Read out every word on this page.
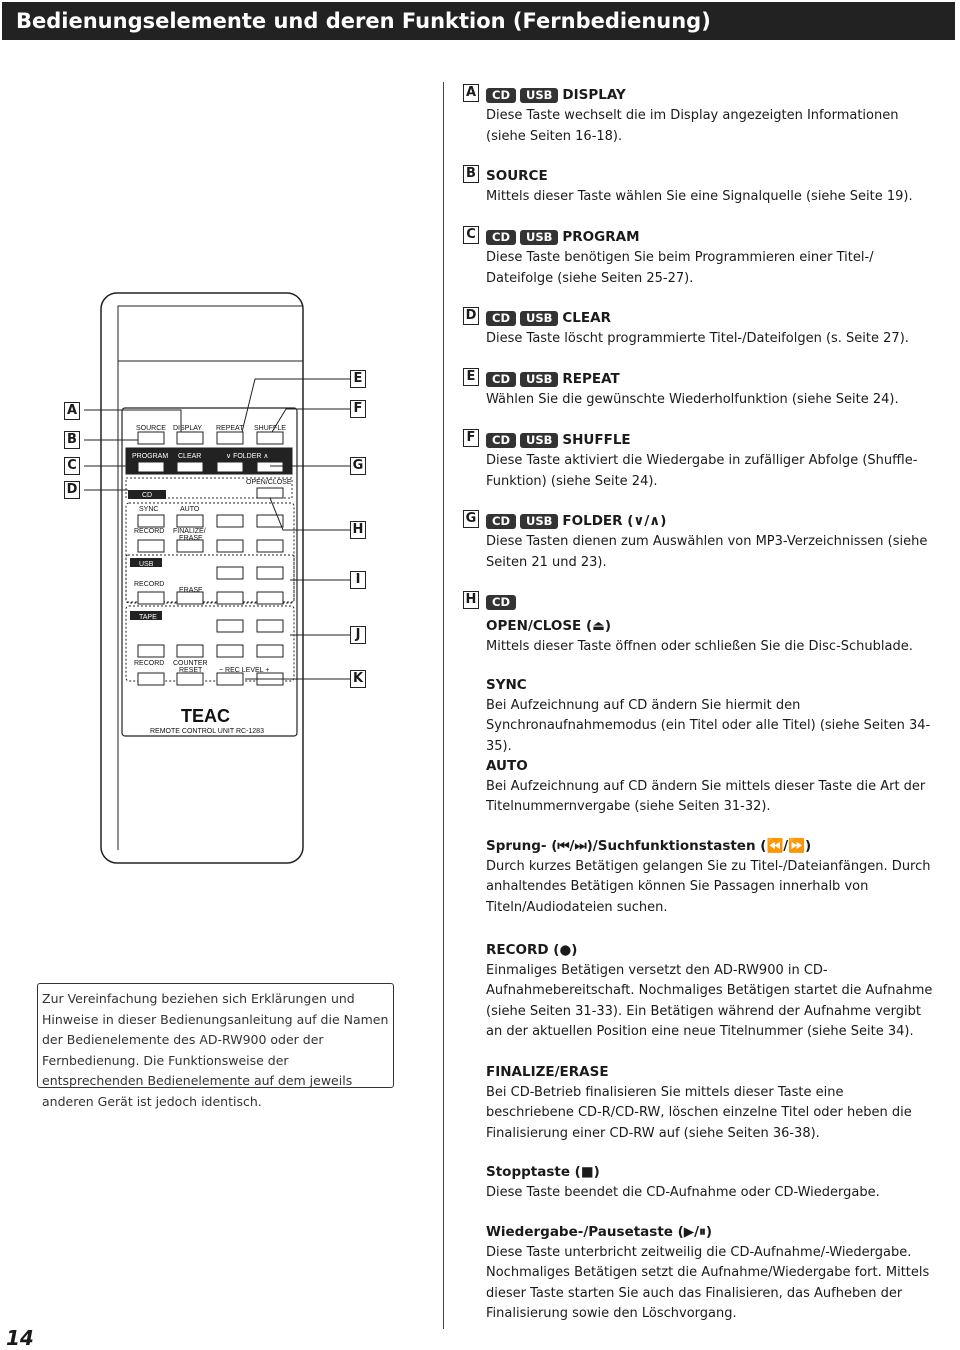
Bedienungselemente und deren Funktion (Fernbedienung)
SOURCE DISPLAY REPEAT SHUFFLE
PROGRAM CLEAR	∨ FOLDER ∧
CD
OPEN/CLOSE
SYNC	AUTO
RECORD FINALIZE/
ERASE
USB
RECORD
ERASE
TAPE
RECORD COUNTER
RESET − REC LEVEL +
TEAC
REMOTE CONTROL UNIT RC-1283
A
B
C
D
E
F
G
H
I
J
K
A	CD	USB DISPLAY
Diese Taste wechselt die im Display angezeigten Informationen (siehe Seiten 16-18).
B SOURCE
Mittels dieser Taste wählen Sie eine Signalquelle (siehe Seite 19).
C	CD	USB PROGRAM
Diese Taste benötigen Sie beim Programmieren einer Titel-/ Dateifolge (siehe Seiten 25-27).
D	CD	USB CLEAR
Diese Taste löscht programmierte Titel-/Dateifolgen (s. Seite 27).
E	CD	USB REPEAT
Wählen Sie die gewünschte Wiederholfunktion (siehe Seite 24).
F	CD	USB SHUFFLE
Diese Taste aktiviert die Wiedergabe in zufälliger Abfolge (Shuffle-Funktion) (siehe Seite 24).
G	CD	USB FOLDER (∨/∧)
Diese Tasten dienen zum Auswählen von MP3-Verzeichnissen (siehe Seiten 21 und 23).
H	CD
OPEN/CLOSE (⏏)
Mittels dieser Taste öffnen oder schließen Sie die Disc-Schublade.
SYNC
Bei Aufzeichnung auf CD ändern Sie hiermit den Synchronaufnahmemodus (ein Titel oder alle Titel) (siehe Seiten 34-35).
AUTO
Bei Aufzeichnung auf CD ändern Sie mittels dieser Taste die Art der Titelnummernvergabe (siehe Seiten 31-32).
Sprung- (⏮/⏭)/Suchfunktionstasten (⏪/⏩)
Durch kurzes Betätigen gelangen Sie zu Titel-/Dateianfängen. Durch anhaltendes Betätigen können Sie Passagen innerhalb von Titeln/Audiodateien suchen.
RECORD (●)
Einmaliges Betätigen versetzt den AD-RW900 in CD-Aufnahmebereitschaft. Nochmaliges Betätigen startet die Aufnahme (siehe Seiten 31-33). Ein Betätigen während der Aufnahme vergibt an der aktuellen Position eine neue Titelnummer (siehe Seite 34).
FINALIZE/ERASE
Bei CD-Betrieb finalisieren Sie mittels dieser Taste eine beschriebene CD-R/CD-RW, löschen einzelne Titel oder heben die Finalisierung einer CD-RW auf (siehe Seiten 36-38).
Stopptaste (■)
Diese Taste beendet die CD-Aufnahme oder CD-Wiedergabe.
Wiedergabe-/Pausetaste (▶/⏸)
Diese Taste unterbricht zeitweilig die CD-Aufnahme/-Wiedergabe. Nochmaliges Betätigen setzt die Aufnahme/Wiedergabe fort. Mittels dieser Taste starten Sie auch das Finalisieren, das Aufheben der Finalisierung sowie den Löschvorgang.
Zur Vereinfachung beziehen sich Erklärungen und Hinweise in dieser Bedienungsanleitung auf die Namen der Bedienelemente des AD-RW900 oder der Fernbedienung. Die Funktionsweise der entsprechenden Bedienelemente auf dem jeweils anderen Gerät ist jedoch identisch.
14
